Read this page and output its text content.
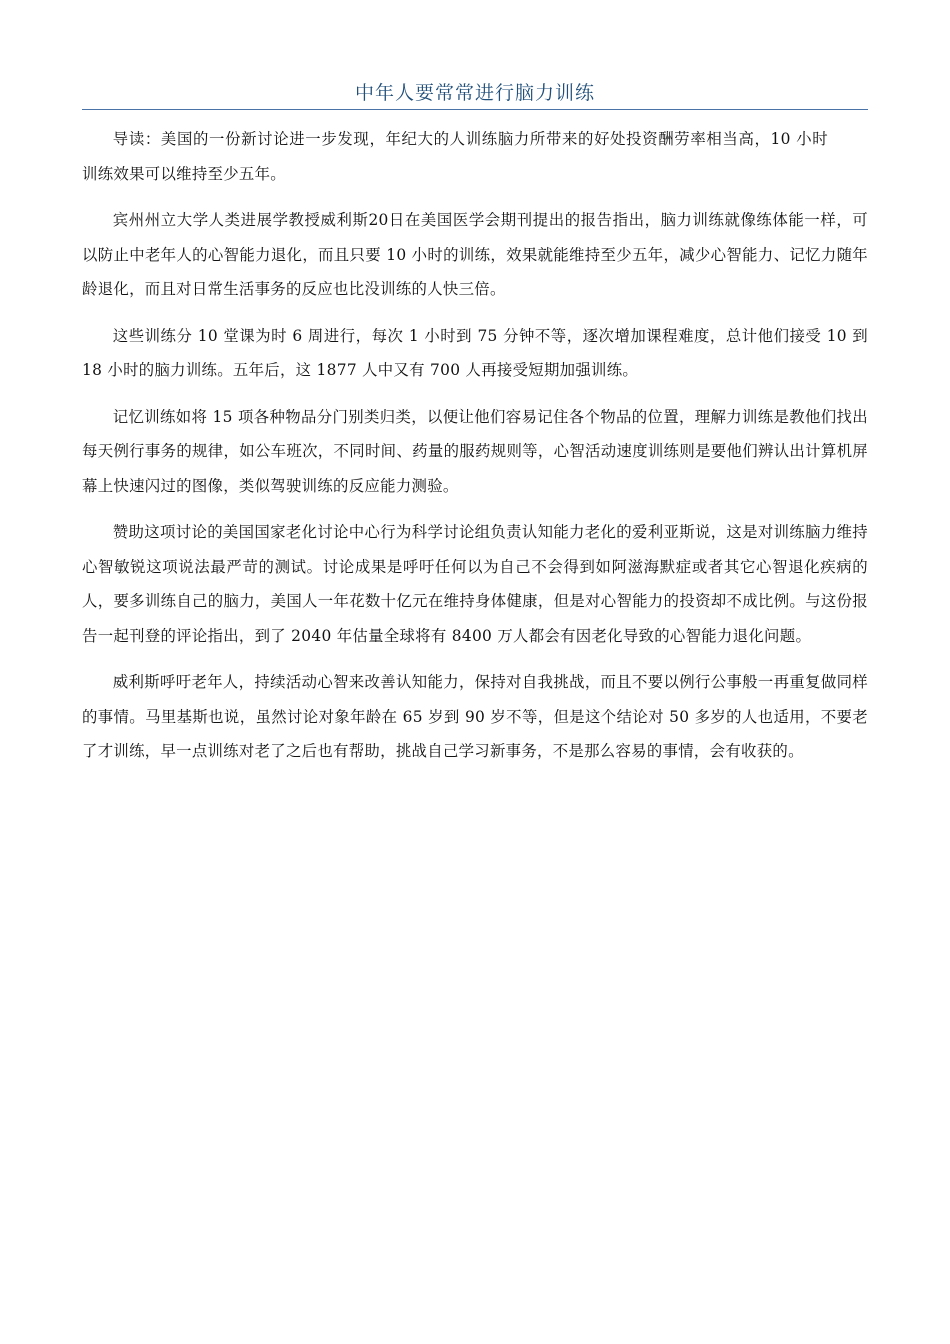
中年人要常常进行脑力训练

导读：美国的一份新讨论进一步发现，年纪大的人训练脑力所带来的好处投资酬劳率相当高，10 小时训练效果可以维持至少五年。

宾州州立大学人类进展学教授威利斯20日在美国医学会期刊提出的报告指出，脑力训练就像练体能一样，可以防止中老年人的心智能力退化，而且只要 10 小时的训练，效果就能维持至少五年，减少心智能力、记忆力随年龄退化，而且对日常生活事务的反应也比没训练的人快三倍。

这些训练分 10 堂课为时 6 周进行，每次 1 小时到 75 分钟不等，逐次增加课程难度，总计他们接受 10 到 18 小时的脑力训练。五年后，这 1877 人中又有 700 人再接受短期加强训练。

记忆训练如将 15 项各种物品分门别类归类，以便让他们容易记住各个物品的位置，理解力训练是教他们找出每天例行事务的规律，如公车班次，不同时间、药量的服药规则等，心智活动速度训练则是要他们辨认出计算机屏幕上快速闪过的图像，类似驾驶训练的反应能力测验。

赞助这项讨论的美国国家老化讨论中心行为科学讨论组负责认知能力老化的爱利亚斯说，这是对训练脑力维持心智敏锐这项说法最严苛的测试。讨论成果是呼吁任何以为自己不会得到如阿滋海默症或者其它心智退化疾病的人，要多训练自己的脑力，美国人一年花数十亿元在维持身体健康，但是对心智能力的投资却不成比例。与这份报告一起刊登的评论指出，到了 2040 年估量全球将有 8400 万人都会有因老化导致的心智能力退化问题。

威利斯呼吁老年人，持续活动心智来改善认知能力，保持对自我挑战，而且不要以例行公事般一再重复做同样的事情。马里基斯也说，虽然讨论对象年龄在 65 岁到 90 岁不等，但是这个结论对 50 多岁的人也适用，不要老了才训练，早一点训练对老了之后也有帮助，挑战自己学习新事务，不是那么容易的事情，会有收获的。
